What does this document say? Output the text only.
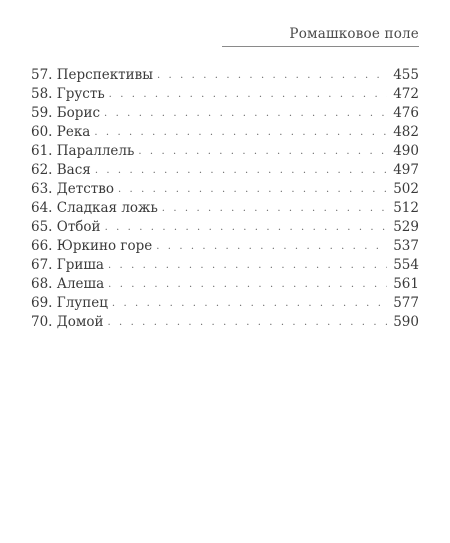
Ромашковое поле
57. Перспективы . . .	455
58. Грусть . . .	472
59. Борис . . .	476
60. Река . . .	482
61. Параллель . . .	490
62. Вася . . .	497
63. Детство . . .	502
64. Сладкая ложь . . .	512
65. Отбой . . .	529
66. Юркино горе . . .	537
67. Гриша . . .	554
68. Алеша . . .	561
69. Глупец . . .	577
70. Домой . . .	590
